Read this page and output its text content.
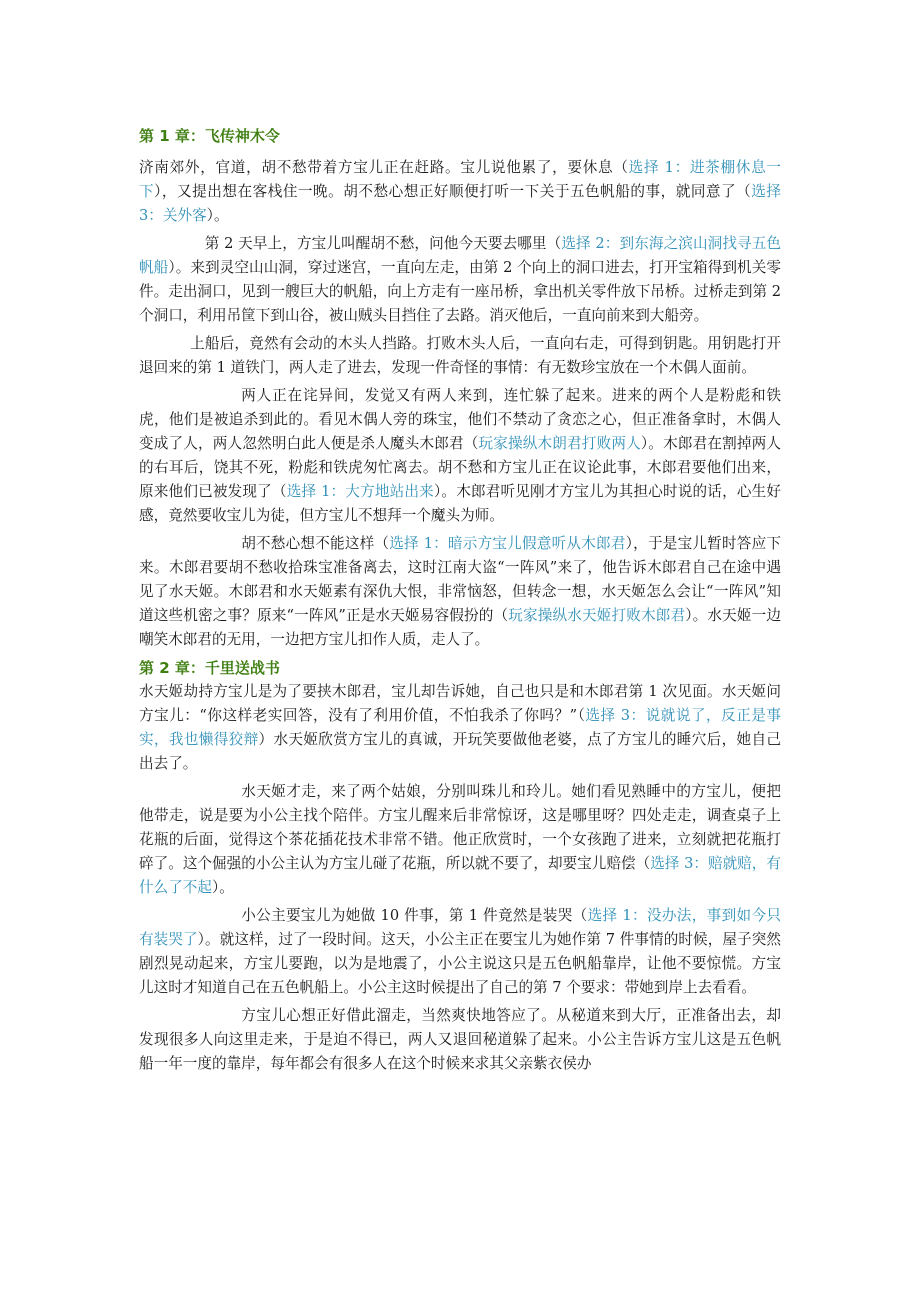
第 1 章：飞传神木令

济南郊外，官道，胡不愁带着方宝儿正在赶路。宝儿说他累了，要休息（选择 1：进茶棚休息一下），又提出想在客栈住一晚。胡不愁心想正好顺便打听一下关于五色帆船的事，就同意了（选择 3：关外客）。

第 2 天早上，方宝儿叫醒胡不愁，问他今天要去哪里（选择 2：到东海之滨山洞找寻五色帆船）。来到灵空山山洞，穿过迷宫，一直向左走，由第 2 个向上的洞口进去，打开宝箱得到机关零件。走出洞口，见到一艘巨大的帆船，向上方走有一座吊桥，拿出机关零件放下吊桥。过桥走到第 2 个洞口，利用吊筐下到山谷，被山贼头目挡住了去路。消灭他后，一直向前来到大船旁。

上船后，竟然有会动的木头人挡路。打败木头人后，一直向右走，可得到钥匙。用钥匙打开退回来的第 1 道铁门，两人走了进去，发现一件奇怪的事情：有无数珍宝放在一个木偶人面前。

两人正在诧异间，发觉又有两人来到，连忙躲了起来。进来的两个人是粉彪和铁虎，他们是被追杀到此的。看见木偶人旁的珠宝，他们不禁动了贪恋之心，但正准备拿时，木偶人变成了人，两人忽然明白此人便是杀人魔头木郎君（玩家操纵木朗君打败两人）。木郎君在割掉两人的右耳后，饶其不死，粉彪和铁虎匆忙离去。胡不愁和方宝儿正在议论此事，木郎君要他们出来，原来他们已被发现了（选择 1：大方地站出来）。木郎君听见刚才方宝儿为其担心时说的话，心生好感，竟然要收宝儿为徒，但方宝儿不想拜一个魔头为师。

胡不愁心想不能这样（选择 1：暗示方宝儿假意听从木郎君），于是宝儿暂时答应下来。木郎君要胡不愁收拾珠宝准备离去，这时江南大盗“一阵风”来了，他告诉木郎君自己在途中遇见了水天姬。木郎君和水天姬素有深仇大恨，非常恼怒，但转念一想，水天姬怎么会让“一阵风”知道这些机密之事？原来“一阵风”正是水天姬易容假扮的（玩家操纵水天姬打败木郎君）。水天姬一边嘲笑木郎君的无用，一边把方宝儿扣作人质，走人了。

第 2 章：千里送战书

水天姬劫持方宝儿是为了要挟木郎君，宝儿却告诉她，自己也只是和木郎君第 1 次见面。水天姬问方宝儿：“你这样老实回答，没有了利用价值，不怕我杀了你吗？”（选择 3：说就说了，反正是事实，我也懒得狡辩）水天姬欣赏方宝儿的真诚，开玩笑要做他老婆，点了方宝儿的睡穴后，她自己出去了。

水天姬才走，来了两个姑娘，分别叫珠儿和玲儿。她们看见熟睡中的方宝儿，便把他带走，说是要为小公主找个陪伴。方宝儿醒来后非常惊讶，这是哪里呀？四处走走，调查桌子上花瓶的后面，觉得这个茶花插花技术非常不错。他正欣赏时，一个女孩跑了进来，立刻就把花瓶打碎了。这个倔强的小公主认为方宝儿碰了花瓶，所以就不要了，却要宝儿赔偿（选择 3：赔就赔，有什么了不起）。

小公主要宝儿为她做 10 件事，第 1 件竟然是装哭（选择 1：没办法，事到如今只有装哭了）。就这样，过了一段时间。这天，小公主正在要宝儿为她作第 7 件事情的时候，屋子突然剧烈晃动起来，方宝儿要跑，以为是地震了，小公主说这只是五色帆船靠岸，让他不要惊慌。方宝儿这时才知道自己在五色帆船上。小公主这时候提出了自己的第 7 个要求：带她到岸上去看看。

方宝儿心想正好借此溜走，当然爽快地答应了。从秘道来到大厅，正准备出去，却发现很多人向这里走来，于是迫不得已，两人又退回秘道躲了起来。小公主告诉方宝儿这是五色帆船一年一度的靠岸，每年都会有很多人在这个时候来求其父亲紫衣侯办
